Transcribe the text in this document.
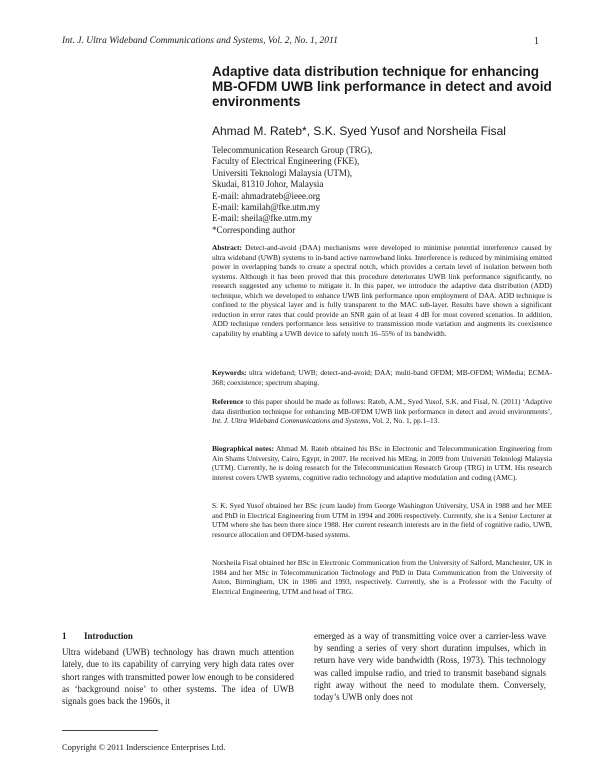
Int. J. Ultra Wideband Communications and Systems, Vol. 2, No. 1, 2011	1
Adaptive data distribution technique for enhancing MB-OFDM UWB link performance in detect and avoid environments
Ahmad M. Rateb*, S.K. Syed Yusof and Norsheila Fisal
Telecommunication Research Group (TRG),
Faculty of Electrical Engineering (FKE),
Universiti Teknologi Malaysia (UTM),
Skudai, 81310 Johor, Malaysia
E-mail: ahmadrateb@ieee.org
E-mail: kamilah@fke.utm.my
E-mail: sheila@fke.utm.my
*Corresponding author
Abstract: Detect-and-avoid (DAA) mechanisms were developed to minimise potential interference caused by ultra wideband (UWB) systems to in-band active narrowband links. Interference is reduced by minimising emitted power in overlapping bands to create a spectral notch, which provides a certain level of isolation between both systems. Although it has been proved that this procedure deteriorates UWB link performance significantly, no research suggested any scheme to mitigate it. In this paper, we introduce the adaptive data distribution (ADD) technique, which we developed to enhance UWB link performance upon employment of DAA. ADD technique is confined to the physical layer and is fully transparent to the MAC sub-layer. Results have shown a significant reduction in error rates that could provide an SNR gain of at least 4 dB for most covered scenarios. In addition, ADD technique renders performance less sensitive to transmission mode variation and augments its coexistence capability by enabling a UWB device to safely notch 16–55% of its bandwidth.
Keywords: ultra wideband; UWB; detect-and-avoid; DAA; multi-band OFDM; MB-OFDM; WiMedia; ECMA-368; coexistence; spectrum shaping.
Reference to this paper should be made as follows: Rateb, A.M., Syed Yusof, S.K. and Fisal, N. (2011) ‘Adaptive data distribution technique for enhancing MB-OFDM UWB link performance in detect and avoid environments’, Int. J. Ultra Wideband Communications and Systems, Vol. 2, No. 1, pp.1–13.
Biographical notes: Ahmad M. Rateb obtained his BSc in Electronic and Telecommunication Engineering from Ain Shams University, Cairo, Egypt, in 2007. He received his MEng. in 2009 from Universiti Teknologi Malaysia (UTM). Currently, he is doing research for the Telecommunication Research Group (TRG) in UTM. His research interest covers UWB systems, cognitive radio technology and adaptive modulation and coding (AMC).
S. K. Syed Yusof obtained her BSc (cum laude) from George Washington University, USA in 1988 and her MEE and PhD in Electrical Engineering from UTM in 1994 and 2006 respectively. Currently, she is a Senior Lecturer at UTM where she has been there since 1988. Her current research interests are in the field of cognitive radio, UWB, resource allocation and OFDM-based systems.
Norsheila Fisal obtained her BSc in Electronic Communication from the University of Salford, Manchester, UK in 1984 and her MSc in Telecommunication Technology and PhD in Data Communication from the University of Aston, Birmingham, UK in 1986 and 1993, respectively. Currently, she is a Professor with the Faculty of Electrical Engineering, UTM and head of TRG.
1 Introduction
Ultra wideband (UWB) technology has drawn much attention lately, due to its capability of carrying very high data rates over short ranges with transmitted power low enough to be considered as ‘background noise’ to other systems. The idea of UWB signals goes back the 1960s, it
emerged as a way of transmitting voice over a carrier-less wave by sending a series of very short duration impulses, which in return have very wide bandwidth (Ross, 1973). This technology was called impulse radio, and tried to transmit baseband signals right away without the need to modulate them. Conversely, today’s UWB only does not
Copyright © 2011 Inderscience Enterprises Ltd.
